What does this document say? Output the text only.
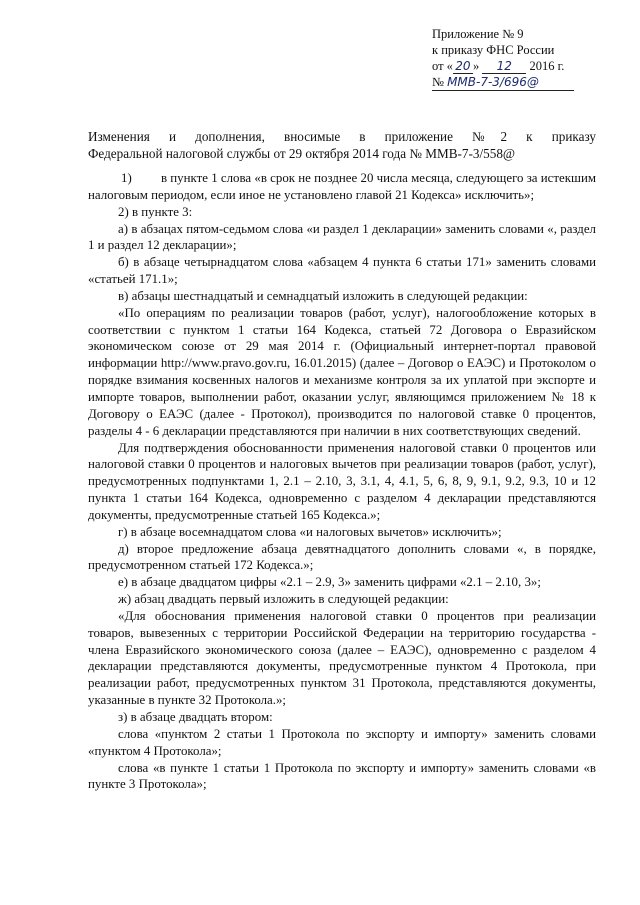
Приложение № 9
к приказу ФНС России
от « 20 » 12 2016 г.
№ ММВ-7-3/696@
Изменения и дополнения, вносимые в приложение №2 к приказу
Федеральной налоговой службы от 29 октября 2014 года № ММВ-7-3/558@

1)         в пункте 1 слова «в срок не позднее 20 числа месяца, следующего за истекшим налоговым периодом, если иное не установлено главой 21 Кодекса» исключить»;

2) в пункте 3:

а) в абзацах пятом-седьмом слова «и раздел 1 декларации» заменить словами «, раздел 1 и раздел 12 декларации»;

б) в абзаце четырнадцатом слова «абзацем 4 пункта 6 статьи 171» заменить словами «статьей 171.1»;

в) абзацы шестнадцатый и семнадцатый изложить в следующей редакции:

«По операциям по реализации товаров (работ, услуг), налогообложение которых в соответствии с пунктом 1 статьи 164 Кодекса, статьей 72 Договора о Евразийском экономическом союзе от 29 мая 2014 г. (Официальный интернет-портал правовой информации http://www.pravo.gov.ru, 16.01.2015) (далее – Договор о ЕАЭС) и Протоколом о порядке взимания косвенных налогов и механизме контроля за их уплатой при экспорте и импорте товаров, выполнении работ, оказании услуг, являющимся приложением № 18 к Договору о ЕАЭС (далее - Протокол), производится по налоговой ставке 0 процентов, разделы 4 - 6 декларации представляются при наличии в них соответствующих сведений.

Для подтверждения обоснованности применения налоговой ставки 0 процентов или налоговой ставки 0 процентов и налоговых вычетов при реализации товаров (работ, услуг), предусмотренных подпунктами 1, 2.1 – 2.10, 3, 3.1, 4, 4.1, 5, 6, 8, 9, 9.1, 9.2, 9.3, 10 и 12 пункта 1 статьи 164 Кодекса, одновременно с разделом 4 декларации представляются документы, предусмотренные статьей 165 Кодекса.»;

г) в абзаце восемнадцатом слова «и налоговых вычетов» исключить»;

д) второе предложение абзаца девятнадцатого дополнить словами «, в порядке, предусмотренном статьей 172 Кодекса.»;

е) в абзаце двадцатом цифры «2.1 – 2.9, 3» заменить цифрами «2.1 – 2.10, 3»;

ж) абзац двадцать первый изложить в следующей редакции:

«Для обоснования применения налоговой ставки 0 процентов при реализации товаров, вывезенных с территории Российской Федерации на территорию государства - члена Евразийского экономического союза (далее – ЕАЭС), одновременно с разделом 4 декларации представляются документы, предусмотренные пунктом 4 Протокола, при реализации работ, предусмотренных пунктом 31 Протокола, представляются документы, указанные в пункте 32 Протокола.»;

з) в абзаце двадцать втором:

слова «пунктом 2 статьи 1 Протокола по экспорту и импорту» заменить словами «пунктом 4 Протокола»;

слова «в пункте 1 статьи 1 Протокола по экспорту и импорту» заменить словами «в пункте 3 Протокола»;
